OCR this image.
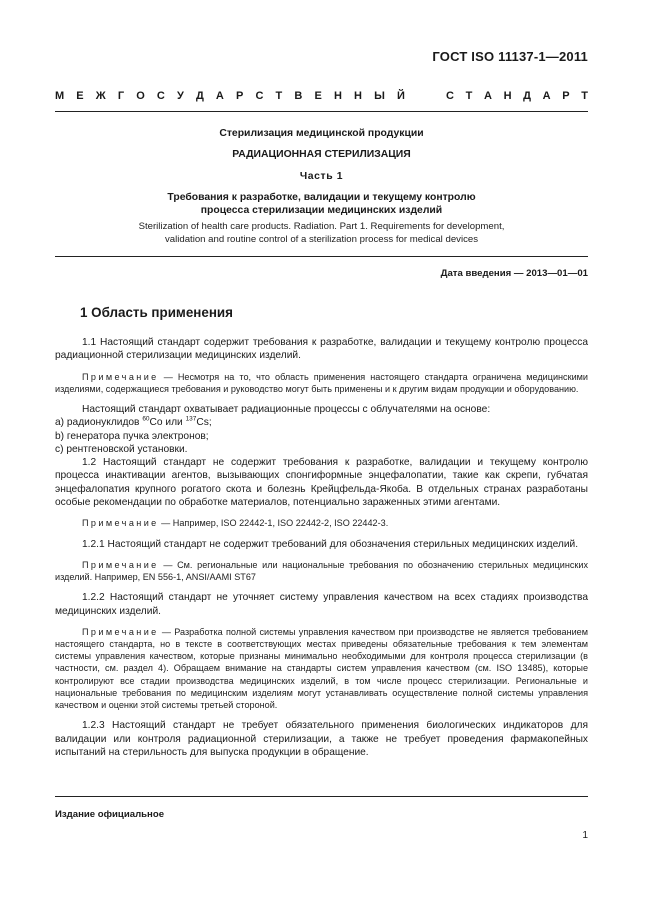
ГОСТ ISO 11137-1—2011
М Е Ж Г О С У Д А Р С Т В Е Н Н Ы Й	С Т А Н Д А Р Т
Стерилизация медицинской продукции
РАДИАЦИОННАЯ СТЕРИЛИЗАЦИЯ
Часть 1
Требования к разработке, валидации и текущему контролю
процесса стерилизации медицинских изделий
Sterilization of health care products. Radiation. Part 1. Requirements for development,
validation and routine control of a sterilization process for medical devices
Дата введения — 2013—01—01
1 Область применения

1.1 Настоящий стандарт содержит требования к разработке, валидации и текущему контролю процесса радиационной стерилизации медицинских изделий.

Примечание — Несмотря на то, что область применения настоящего стандарта ограничена медицинскими изделиями, содержащиеся требования и руководство могут быть применены и к другим видам продукции и оборудованию.

Настоящий стандарт охватывает радиационные процессы с облучателями на основе:

a) радионуклидов $^{60}$Co или $^{137}$Cs;

b) генератора пучка электронов;

c) рентгеновской установки.

1.2 Настоящий стандарт не содержит требования к разработке, валидации и текущему контролю процесса инактивации агентов, вызывающих спонгиформные энцефалопатии, такие как скрепи, губчатая энцефалопатия крупного рогатого скота и болезнь Крейцфельда-Якоба. В отдельных странах разработаны особые рекомендации по обработке материалов, потенциально зараженных этими агентами.

Примечание — Например, ISO 22442-1, ISO 22442-2, ISO 22442-3.

1.2.1 Настоящий стандарт не содержит требований для обозначения стерильных медицинских изделий.

Примечание — См. региональные или национальные требования по обозначению стерильных медицинских изделий. Например, EN 556-1, ANSI/AAMI ST67

1.2.2 Настоящий стандарт не уточняет систему управления качеством на всех стадиях производства медицинских изделий.

Примечание — Разработка полной системы управления качеством при производстве не является требованием настоящего стандарта, но в тексте в соответствующих местах приведены обязательные требования к тем элементам системы управления качеством, которые признаны минимально необходимыми для контроля процесса стерилизации (в частности, см. раздел 4). Обращаем внимание на стандарты систем управления качеством (см. ISO 13485), которые контролируют все стадии производства медицинских изделий, в том числе процесс стерилизации. Региональные и национальные требования по медицинским изделиям могут устанавливать осуществление полной системы управления качеством и оценки этой системы третьей стороной.

1.2.3 Настоящий стандарт не требует обязательного применения биологических индикаторов для валидации или контроля радиационной стерилизации, а также не требует проведения фармакопейных испытаний на стерильность для выпуска продукции в обращение.

Издание официальное
1
